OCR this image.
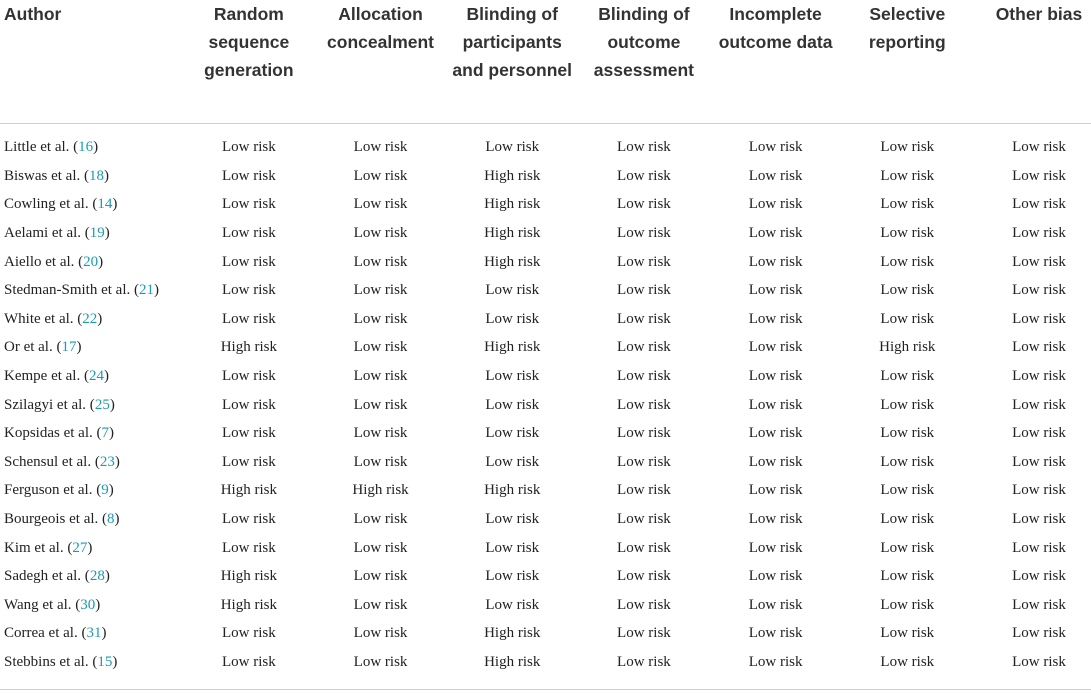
Author	Random sequence generation	Allocation concealment	Blinding of participants and personnel	Blinding of outcome assessment	Incomplete outcome data	Selective reporting	Other bias
Little et al. (16)	Low risk	Low risk	Low risk	Low risk	Low risk	Low risk	Low risk
Biswas et al. (18)	Low risk	Low risk	High risk	Low risk	Low risk	Low risk	Low risk
Cowling et al. (14)	Low risk	Low risk	High risk	Low risk	Low risk	Low risk	Low risk
Aelami et al. (19)	Low risk	Low risk	High risk	Low risk	Low risk	Low risk	Low risk
Aiello et al. (20)	Low risk	Low risk	High risk	Low risk	Low risk	Low risk	Low risk
Stedman-Smith et al. (21)	Low risk	Low risk	Low risk	Low risk	Low risk	Low risk	Low risk
White et al. (22)	Low risk	Low risk	Low risk	Low risk	Low risk	Low risk	Low risk
Or et al. (17)	High risk	Low risk	High risk	Low risk	Low risk	High risk	Low risk
Kempe et al. (24)	Low risk	Low risk	Low risk	Low risk	Low risk	Low risk	Low risk
Szilagyi et al. (25)	Low risk	Low risk	Low risk	Low risk	Low risk	Low risk	Low risk
Kopsidas et al. (7)	Low risk	Low risk	Low risk	Low risk	Low risk	Low risk	Low risk
Schensul et al. (23)	Low risk	Low risk	Low risk	Low risk	Low risk	Low risk	Low risk
Ferguson et al. (9)	High risk	High risk	High risk	Low risk	Low risk	Low risk	Low risk
Bourgeois et al. (8)	Low risk	Low risk	Low risk	Low risk	Low risk	Low risk	Low risk
Kim et al. (27)	Low risk	Low risk	Low risk	Low risk	Low risk	Low risk	Low risk
Sadegh et al. (28)	High risk	Low risk	Low risk	Low risk	Low risk	Low risk	Low risk
Wang et al. (30)	High risk	Low risk	Low risk	Low risk	Low risk	Low risk	Low risk
Correa et al. (31)	Low risk	Low risk	High risk	Low risk	Low risk	Low risk	Low risk
Stebbins et al. (15)	Low risk	Low risk	High risk	Low risk	Low risk	Low risk	Low risk
